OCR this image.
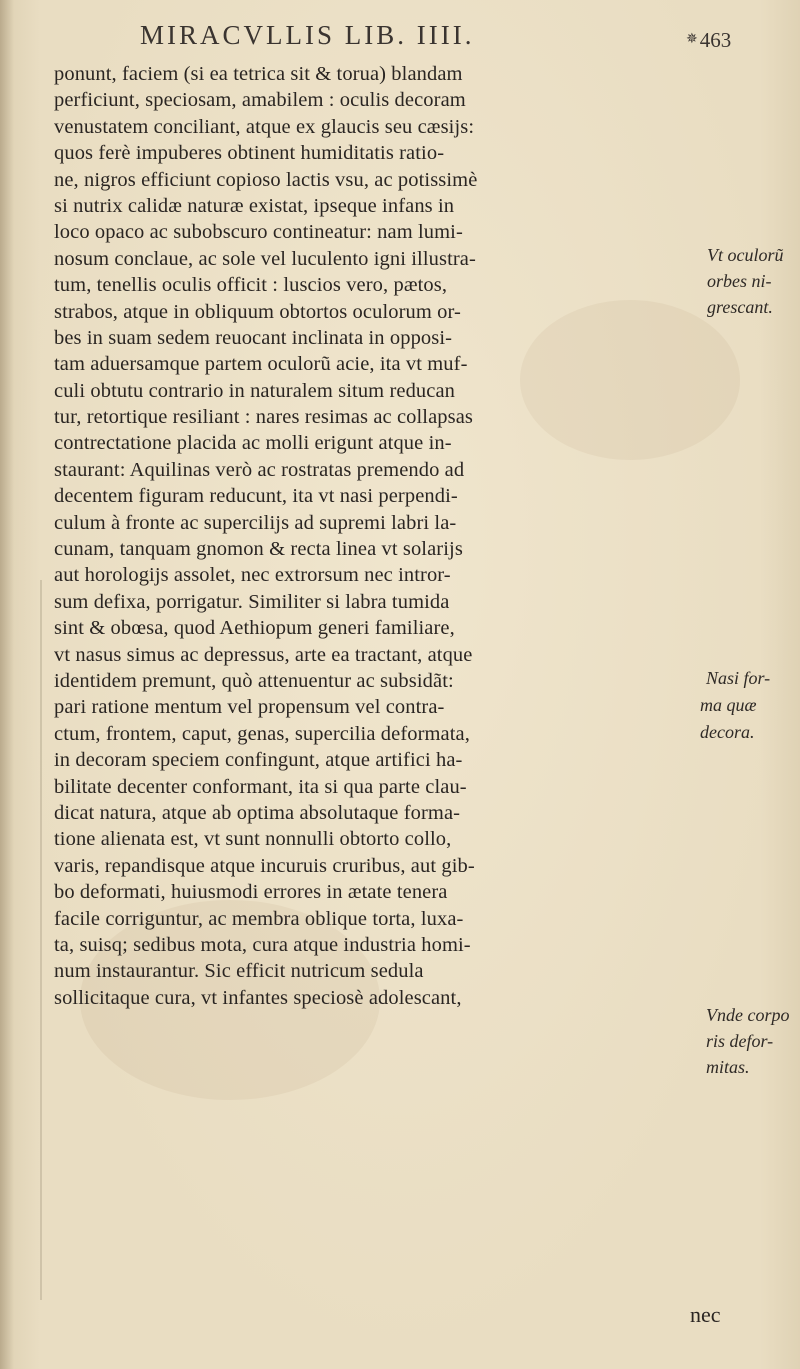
MIRACVLLIS LIB. IIII.	✵463
ponunt, faciem (si ea tetrica sit & torua) blandam
perficiunt, speciosam, amabilem : oculis decoram
venustatem conciliant, atque ex glaucis seu cæsijs:
quos ferè impuberes obtinent humiditatis ratio-
ne, nigros efficiunt copioso lactis vsu, ac potissimè
si nutrix calidæ naturæ existat, ipseque infans in
loco opaco ac subobscuro contineatur: nam lumi-
nosum conclaue, ac sole vel luculento igni illustra-
tum, tenellis oculis officit : luscios vero, pætos,
strabos, atque in obliquum obtortos oculorum or-
bes in suam sedem reuocant inclinata in opposi-
tam aduersamque partem oculorũ acie, ita vt muf-
culi obtutu contrario in naturalem situm reducan
tur, retortique resiliant : nares resimas ac collapsas
contrectatione placida ac molli erigunt atque in-
staurant: Aquilinas verò ac rostratas premendo ad
decentem figuram reducunt, ita vt nasi perpendi-
culum à fronte ac supercilijs ad supremi labri la-
cunam, tanquam gnomon & recta linea vt solarijs
aut horologijs assolet, nec extrorsum nec intror-
sum defixa, porrigatur. Similiter si labra tumida
sint & obœsa, quod Aethiopum generi familiare,
vt nasus simus ac depressus, arte ea tractant, atque
identidem premunt, quò attenuentur ac subsidãt:
pari ratione mentum vel propensum vel contra-
ctum, frontem, caput, genas, supercilia deformata,
in decoram speciem confingunt, atque artifici ha-
bilitate decenter conformant, ita si qua parte clau-
dicat natura, atque ab optima absolutaque forma-
tione alienata est, vt sunt nonnulli obtorto collo,
varis, repandisque atque incuruis cruribus, aut gib-
bo deformati, huiusmodi errores in ætate tenera
facile corriguntur, ac membra oblique torta, luxa-
ta, suisq; sedibus mota, cura atque industria homi-
num instaurantur. Sic efficit nutricum sedula
sollicitaque cura, vt infantes speciosè adolescant,
Vt oculorũ
orbes ni-
grescant.
Nasi for-
ma quæ
decora.
Vnde corpo
ris defor-
mitas.
nec
